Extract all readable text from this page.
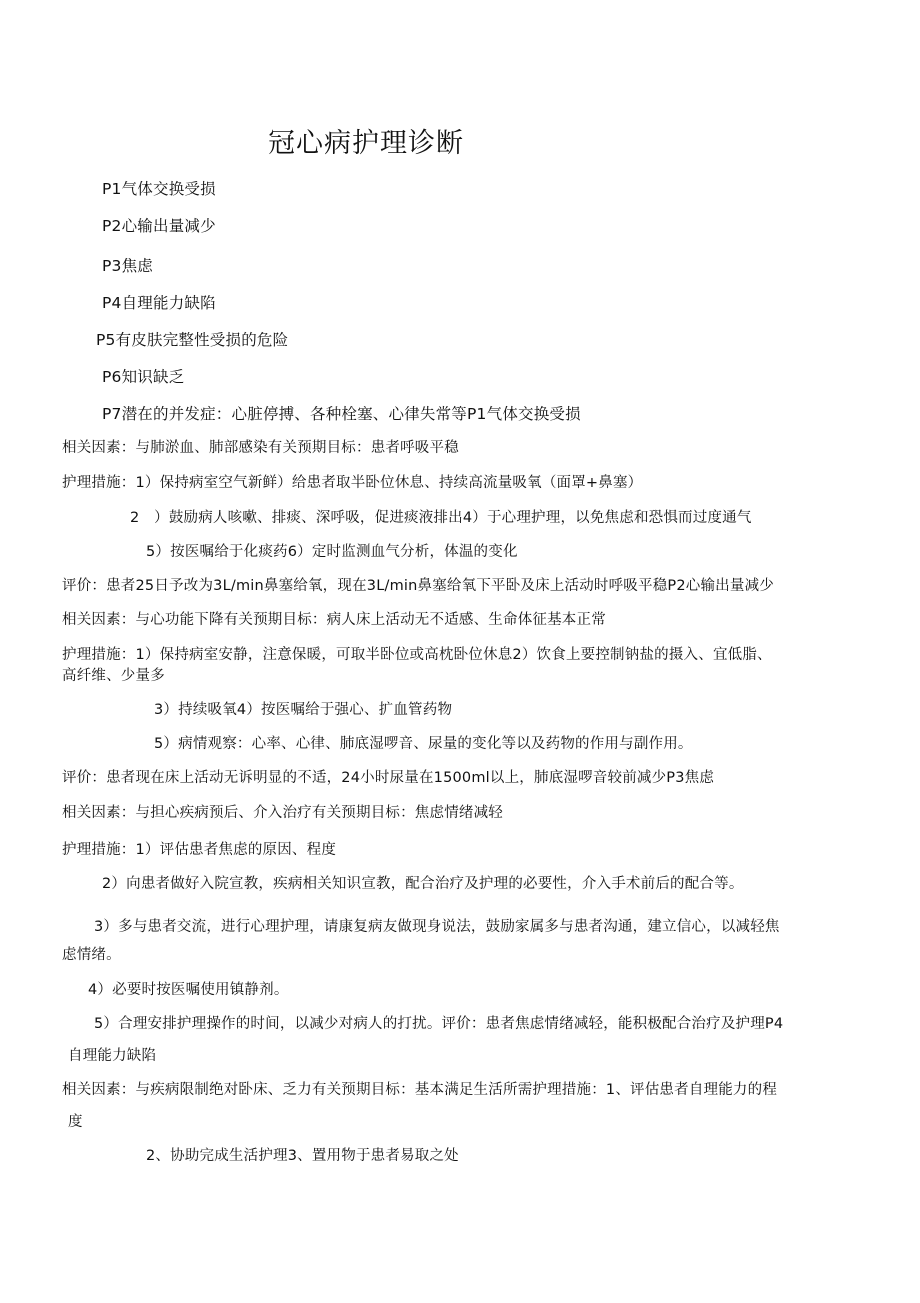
冠心病护理诊断
P1气体交换受损
P2心输出量减少
P3焦虑
P4自理能力缺陷
P5有皮肤完整性受损的危险
P6知识缺乏
P7潜在的并发症：心脏停搏、各种栓塞、心律失常等P1气体交换受损
相关因素：与肺淤血、肺部感染有关预期目标：患者呼吸平稳
护理措施：1）保持病室空气新鲜）给患者取半卧位休息、持续高流量吸氧（面罩+鼻塞）
2　）鼓励病人咳嗽、排痰、深呼吸，促进痰液排出4）于心理护理，以免焦虑和恐惧而过度通气
5）按医嘱给于化痰药6）定时监测血气分析，体温的变化
评价：患者25日予改为3L/min鼻塞给氧，现在3L/min鼻塞给氧下平卧及床上活动时呼吸平稳P2心输出量减少
相关因素：与心功能下降有关预期目标：病人床上活动无不适感、生命体征基本正常
护理措施：1）保持病室安静，注意保暖，可取半卧位或高枕卧位休息2）饮食上要控制钠盐的摄入、宜低脂、
高纤维、少量多
3）持续吸氧4）按医嘱给于强心、扩血管药物
5）病情观察：心率、心律、肺底湿啰音、尿量的变化等以及药物的作用与副作用。
评价：患者现在床上活动无诉明显的不适，24小时尿量在1500ml以上，肺底湿啰音较前减少P3焦虑
相关因素：与担心疾病预后、介入治疗有关预期目标：焦虑情绪减轻
护理措施：1）评估患者焦虑的原因、程度
2）向患者做好入院宣教，疾病相关知识宣教，配合治疗及护理的必要性，介入手术前后的配合等。
3）多与患者交流，进行心理护理，请康复病友做现身说法，鼓励家属多与患者沟通，建立信心，以减轻焦
虑情绪。
4）必要时按医嘱使用镇静剂。
5）合理安排护理操作的时间，以减少对病人的打扰。评价：患者焦虑情绪减轻，能积极配合治疗及护理P4
自理能力缺陷
相关因素：与疾病限制绝对卧床、乏力有关预期目标：基本满足生活所需护理措施：1、评估患者自理能力的程
度
2、协助完成生活护理3、置用物于患者易取之处
